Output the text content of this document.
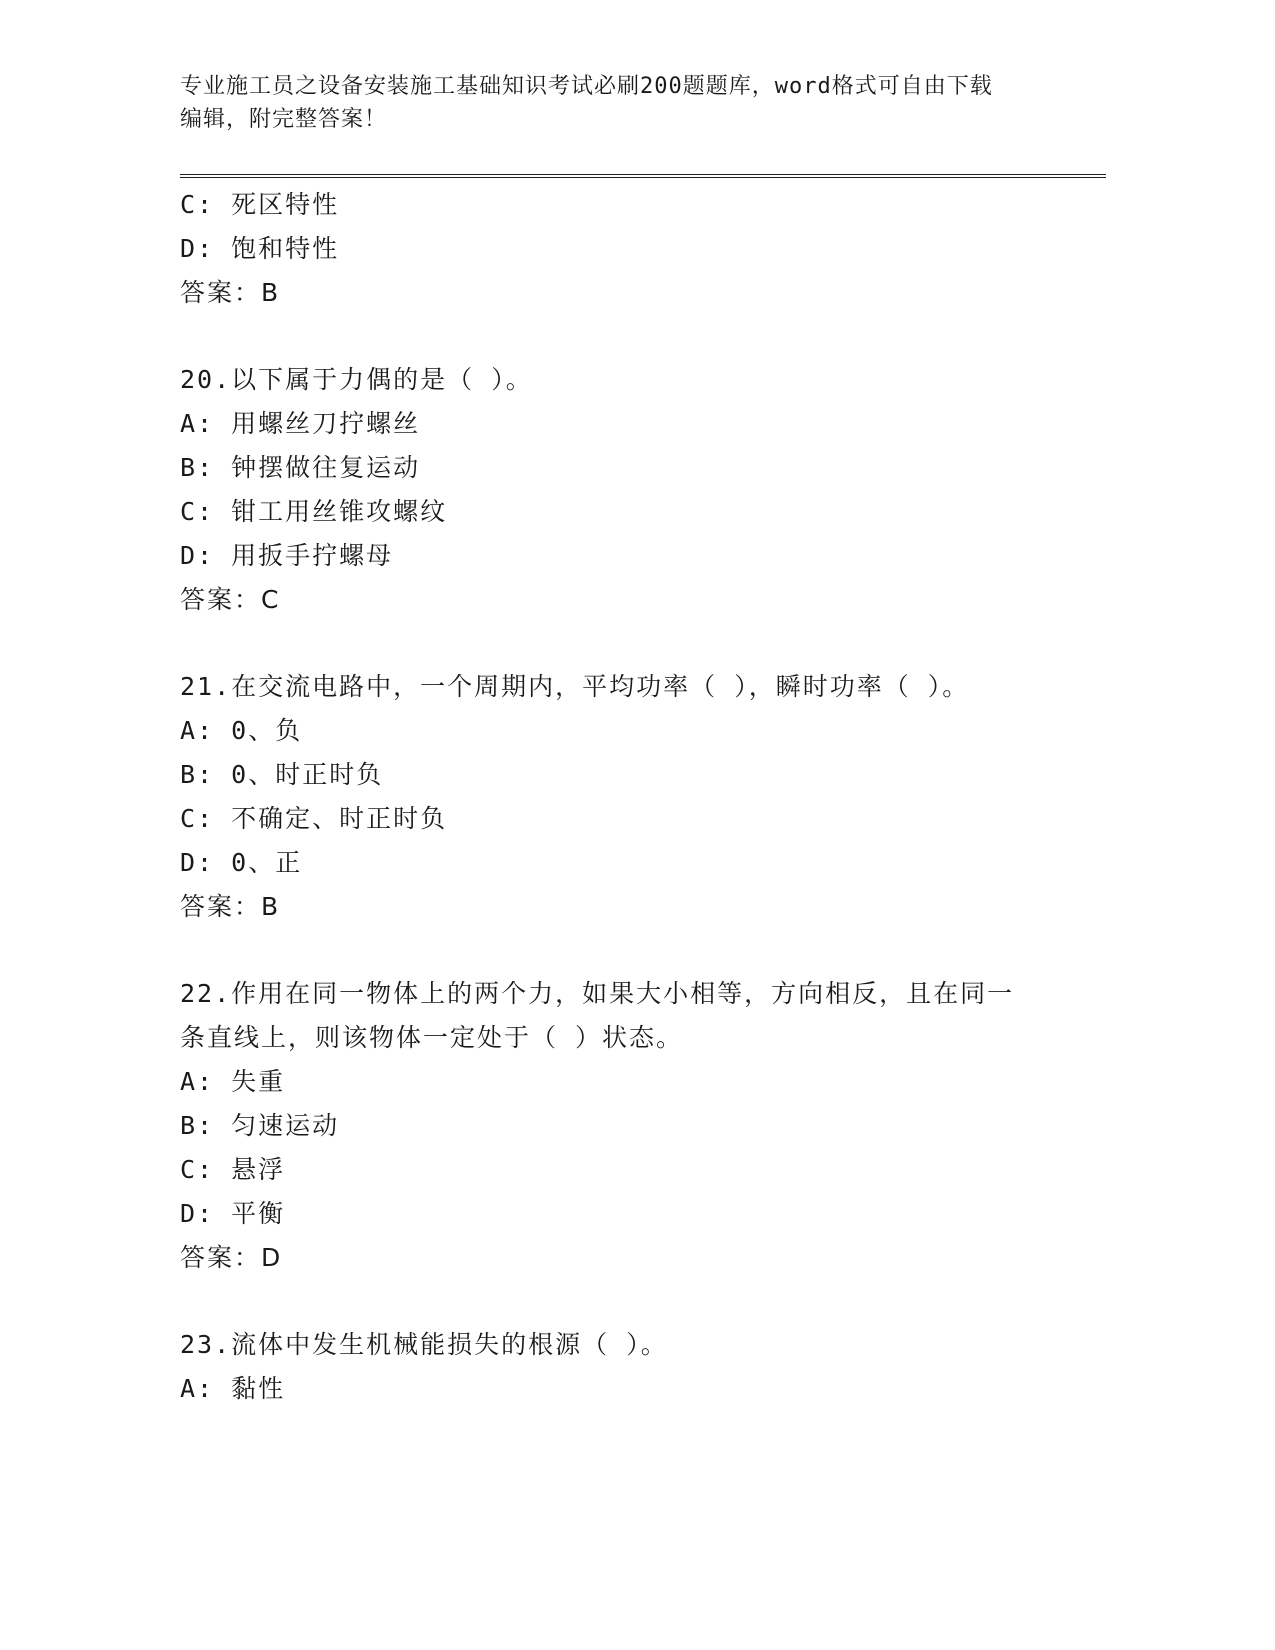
专业施工员之设备安装施工基础知识考试必刷200题题库，word格式可自由下载
编辑，附完整答案！
C: 死区特性
D: 饱和特性
答案：B
20.以下属于力偶的是（ ）。
A: 用螺丝刀拧螺丝
B: 钟摆做往复运动
C: 钳工用丝锥攻螺纹
D: 用扳手拧螺母
答案：C
21.在交流电路中，一个周期内，平均功率（ ），瞬时功率（ ）。
A: 0、负
B: 0、时正时负
C: 不确定、时正时负
D: 0、正
答案：B
22.作用在同一物体上的两个力，如果大小相等，方向相反，且在同一
条直线上，则该物体一定处于（ ）状态。
A: 失重
B: 匀速运动
C: 悬浮
D: 平衡
答案：D
23.流体中发生机械能损失的根源（ ）。
A: 黏性
